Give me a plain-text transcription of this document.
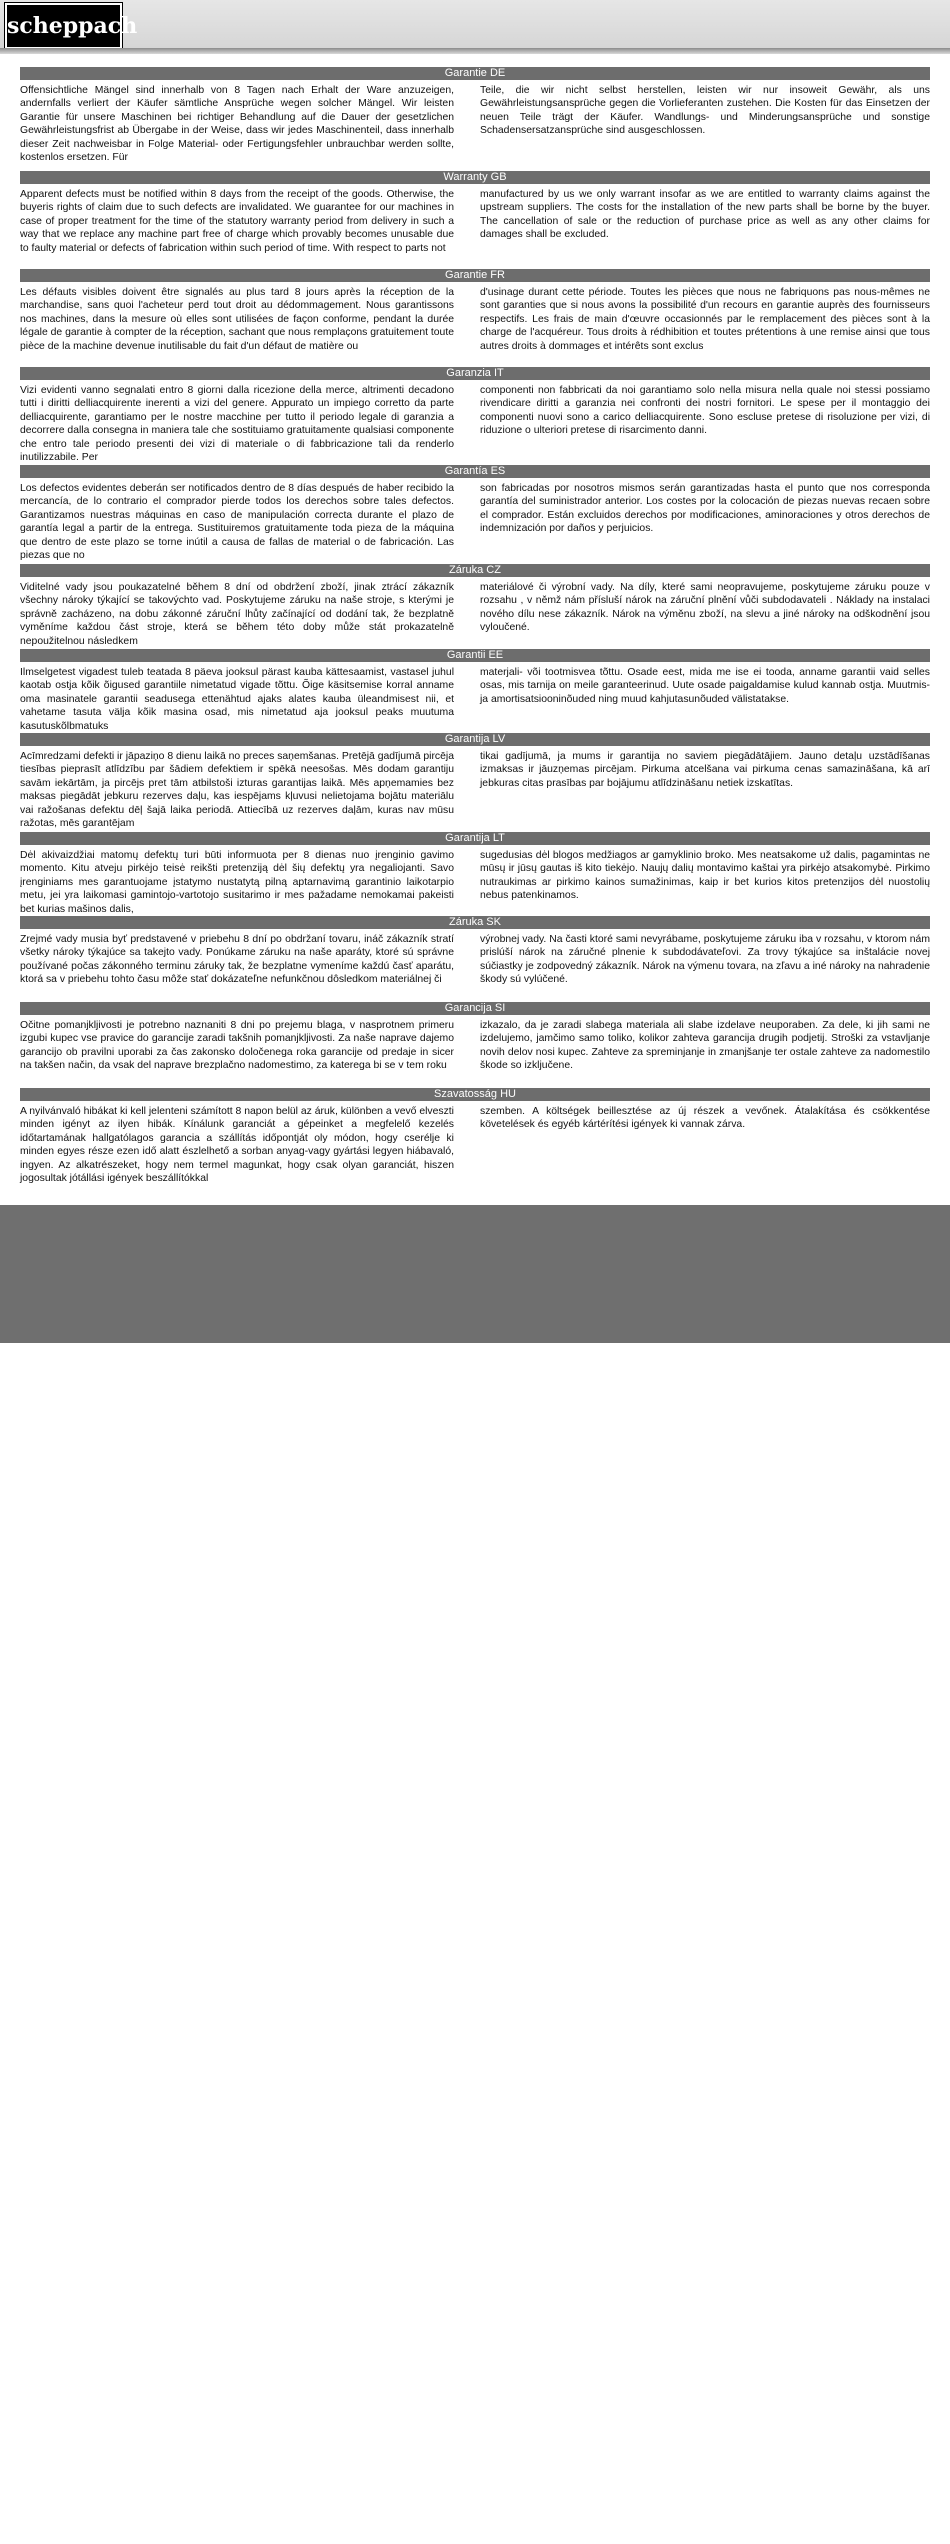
scheppach
Garantie DE
Offensichtliche Mängel sind innerhalb von 8 Tagen nach Erhalt der Ware anzuzeigen, andernfalls verliert der Käufer sämtliche Ansprüche wegen solcher Mängel. Wir leisten Garantie für unsere Maschinen bei richtiger Behandlung auf die Dauer der gesetzlichen Gewährleistungsfrist ab Übergabe in der Weise, dass wir jedes Maschinenteil, dass innerhalb dieser Zeit nachweisbar in Folge Material- oder Fertigungsfehler unbrauchbar werden sollte, kostenlos ersetzen. Für
Teile, die wir nicht selbst herstellen, leisten wir nur insoweit Gewähr, als uns Gewährleistungsansprüche gegen die Vorlieferanten zustehen. Die Kosten für das Einsetzen der neuen Teile trägt der Käufer. Wandlungs- und Minderungsansprüche und sonstige Schadensersatzansprüche sind ausgeschlossen.
Warranty GB
Apparent defects must be notified within 8 days from the receipt of the goods. Otherwise, the buyeris rights of claim due to such defects are invalidated. We guarantee for our machines in case of proper treatment for the time of the statutory warranty period from delivery in such a way that we replace any machine part free of charge which provably becomes unusable due to faulty material or defects of fabrication within such period of time. With respect to parts not
manufactured by us we only warrant insofar as we are entitled to warranty claims against the upstream suppliers. The costs for the installation of the new parts shall be borne by the buyer. The cancellation of sale or the reduction of purchase price as well as any other claims for damages shall be excluded.
Garantie FR
Les défauts visibles doivent être signalés au plus tard 8 jours après la réception de la marchandise, sans quoi l'acheteur perd tout droit au dédommagement. Nous garantissons nos machines, dans la mesure où elles sont utilisées de façon conforme, pendant la durée légale de garantie à compter de la réception, sachant que nous remplaçons gratuitement toute pièce de la machine devenue inutilisable du fait d'un défaut de matière ou
d'usinage durant cette période. Toutes les pièces que nous ne fabriquons pas nous-mêmes ne sont garanties que si nous avons la possibilité d'un recours en garantie auprès des fournisseurs respectifs. Les frais de main d'œuvre occasionnés par le remplacement des pièces sont à la charge de l'acquéreur. Tous droits à rédhibition et toutes prétentions à une remise ainsi que tous autres droits à dommages et intérêts sont exclus
Garanzia IT
Vizi evidenti vanno segnalati entro 8 giorni dalla ricezione della merce, altrimenti decadono tutti i diritti delliacquirente inerenti a vizi del genere. Appurato un impiego corretto da parte delliacquirente, garantiamo per le nostre macchine per tutto il periodo legale di garanzia a decorrere dalla consegna in maniera tale che sostituiamo gratuitamente qualsiasi componente che entro tale periodo presenti dei vizi di materiale o di fabbricazione tali da renderlo inutilizzabile. Per
componenti non fabbricati da noi garantiamo solo nella misura nella quale noi stessi possiamo rivendicare diritti a garanzia nei confronti dei nostri fornitori. Le spese per il montaggio dei componenti nuovi sono a carico delliacquirente. Sono escluse pretese di risoluzione per vizi, di riduzione o ulteriori pretese di risarcimento danni.
Garantía ES
Los defectos evidentes deberán ser notificados dentro de 8 días después de haber recibido la mercancía, de lo contrario el comprador pierde todos los derechos sobre tales defectos. Garantizamos nuestras máquinas en caso de manipulación correcta durante el plazo de garantía legal a partir de la entrega. Sustituiremos gratuitamente toda pieza de la máquina que dentro de este plazo se torne inútil a causa de fallas de material o de fabricación. Las piezas que no
son fabricadas por nosotros mismos serán garantizadas hasta el punto que nos corresponda garantía del suministrador anterior. Los costes por la colocación de piezas nuevas recaen sobre el comprador. Están excluidos derechos por modificaciones, aminoraciones y otros derechos de indemnización por daños y perjuicios.
Záruka CZ
Viditelné vady jsou poukazatelné během 8 dní od obdržení zboží, jinak ztrácí zákazník všechny nároky týkající se takovýchto vad. Poskytujeme záruku na naše stroje, s kterými je správně zacházeno, na dobu zákonné záruční lhůty začínající od dodání tak, že bezplatně vyměníme každou část stroje, která se během této doby může stát prokazatelně nepoužitelnou následkem
materiálové či výrobní vady. Na díly, které sami neopravujeme, poskytujeme záruku pouze v rozsahu , v němž nám přísluší nárok na záruční plnění vůči subdodavateli . Náklady na instalaci nového dílu nese zákazník. Nárok na výměnu zboží, na slevu a jiné nároky na odškodnění jsou vyloučené.
Garantii EE
Ilmselgetest vigadest tuleb teatada 8 päeva jooksul pärast kauba kättesaamist, vastasel juhul kaotab ostja kõik õigused garantiile nimetatud vigade tõttu. Õige käsitsemise korral anname oma masinatele garantii seadusega ettenähtud ajaks alates kauba üleandmisest nii, et vahetame tasuta välja kõik masina osad, mis nimetatud aja jooksul peaks muutuma kasutuskõlbmatuks
materjali- või tootmisvea tõttu. Osade eest, mida me ise ei tooda, anname garantii vaid selles osas, mis tarnija on meile garanteerinud. Uute osade paigaldamise kulud kannab ostja. Muutmis- ja amortisatsiooninõuded ning muud kahjutasunõuded välistatakse.
Garantija LV
Acīmredzami defekti ir jāpaziņo 8 dienu laikā no preces saņemšanas. Pretējā gadījumā pircēja tiesības pieprasīt atlīdzību par šādiem defektiem ir spēkā neesošas. Mēs dodam garantiju savām iekārtām, ja pircējs pret tām atbilstoši izturas garantijas laikā. Mēs apņemamies bez maksas piegādāt jebkuru rezerves daļu, kas iespējams kļuvusi nelietojama bojātu materiālu vai ražošanas defektu dēļ šajā laika periodā. Attiecībā uz rezerves daļām, kuras nav mūsu ražotas, mēs garantējam
tikai gadījumā, ja mums ir garantija no saviem piegādātājiem. Jauno detaļu uzstādīšanas izmaksas ir jāuzņemas pircējam. Pirkuma atcelšana vai pirkuma cenas samazināšana, kā arī jebkuras citas prasības par bojājumu atlīdzināšanu netiek izskatītas.
Garantija LT
Dėl akivaizdžiai matomų defektų turi būti informuota per 8 dienas nuo įrenginio gavimo momento. Kitu atveju pirkėjo teisė reikšti pretenziją dėl šių defektų yra negaliojanti. Savo įrenginiams mes garantuojame įstatymo nustatytą pilną aptarnavimą garantinio laikotarpio metu, jei yra laikomasi gamintojo-vartotojo susitarimo ir mes pažadame nemokamai pakeisti bet kurias mašinos dalis,
sugedusias dėl blogos medžiagos ar gamyklinio broko. Mes neatsakome už dalis, pagamintas ne mūsų ir jūsų gautas iš kito tiekėjo. Naujų dalių montavimo kaštai yra pirkėjo atsakomybė. Pirkimo nutraukimas ar pirkimo kainos sumažinimas, kaip ir bet kurios kitos pretenzijos dėl nuostolių nebus patenkinamos.
Záruka SK
Zrejmé vady musia byť predstavené v priebehu 8 dní po obdržaní tovaru, ináč zákazník stratí všetky nároky týkajúce sa takejto vady. Ponúkame záruku na naše aparáty, ktoré sú správne používané počas zákonného terminu záruky tak, že bezplatne vymeníme každú časť aparátu, ktorá sa v priebehu tohto času môže stať dokázateľne nefunkčnou dôsledkom materiálnej či
výrobnej vady. Na časti ktoré sami nevyrábame, poskytujeme záruku iba v rozsahu, v ktorom nám prislúší nárok na záručné plnenie k subdodávateľovi. Za trovy týkajúce sa inštalácie novej súčiastky je zodpovedný zákazník. Nárok na výmenu tovara, na zľavu a iné nároky na nahradenie škody sú vylúčené.
Garancija SI
Očitne pomanjkljivosti je potrebno naznaniti 8 dni po prejemu blaga, v nasprotnem primeru izgubi kupec vse pravice do garancije zaradi takšnih pomanjkljivosti. Za naše naprave dajemo garancijo ob pravilni uporabi za čas zakonsko določenega roka garancije od predaje in sicer na takšen način, da vsak del naprave brezplačno nadomestimo, za katerega bi se v tem roku
izkazalo, da je zaradi slabega materiala ali slabe izdelave neuporaben. Za dele, ki jih sami ne izdelujemo, jamčimo samo toliko, kolikor zahteva garancija drugih podjetij. Stroški za vstavljanje novih delov nosi kupec. Zahteve za spreminjanje in zmanjšanje ter ostale zahteve za nadomestilo škode so izključene.
Szavatosság HU
A nyilvánvaló hibákat ki kell jelenteni számított 8 napon belül az áruk, különben a vevő elveszti minden igényt az ilyen hibák. Kínálunk garanciát a gépeinket a megfelelő kezelés időtartamának hallgatólagos garancia a szállítás időpontját oly módon, hogy cserélje ki minden egyes része ezen idő alatt észlelhető a sorban anyag-vagy gyártási legyen hiábavaló, ingyen. Az alkatrészeket, hogy nem termel magunkat, hogy csak olyan garanciát, hiszen jogosultak jótállási igények beszállítókkal
szemben. A költségek beillesztése az új részek a vevőnek. Átalakítása és csökkentése követelések és egyéb kártérítési igények ki vannak zárva.
💻︎ www.scheppach.com / ✉ service@scheppach.com / ☎ +(49)-08223-4002-99 / ⎙ +(49)-08223-4002-58
